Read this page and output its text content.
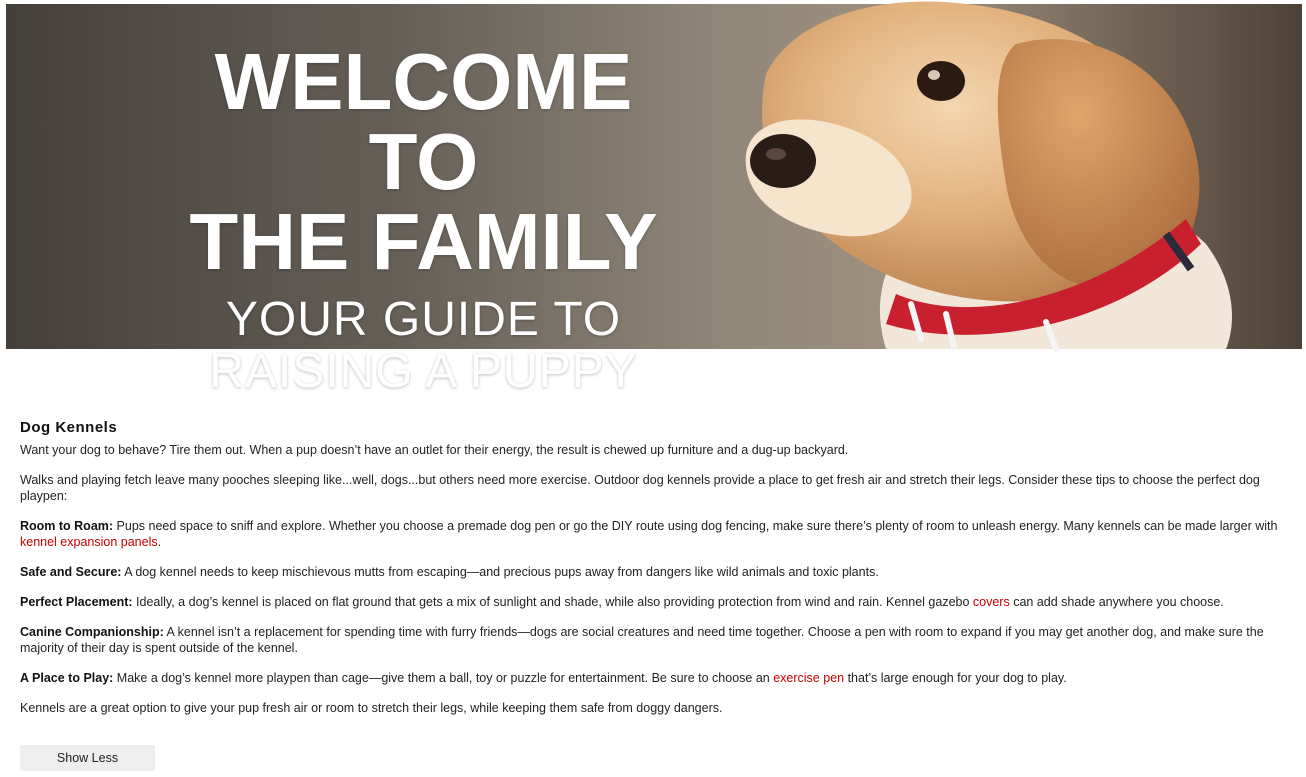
WELCOME TO
THE FAMILY
YOUR GUIDE TO
RAISING A PUPPY
Dog Kennels

Want your dog to behave? Tire them out. When a pup doesn’t have an outlet for their energy, the result is chewed up furniture and a dug-up backyard.

Walks and playing fetch leave many pooches sleeping like...well, dogs...but others need more exercise. Outdoor dog kennels provide a place to get fresh air and stretch their legs. Consider these tips to choose the perfect dog playpen:

Room to Roam: Pups need space to sniff and explore. Whether you choose a premade dog pen or go the DIY route using dog fencing, make sure there’s plenty of room to unleash energy. Many kennels can be made larger with kennel expansion panels.

Safe and Secure: A dog kennel needs to keep mischievous mutts from escaping—and precious pups away from dangers like wild animals and toxic plants.

Perfect Placement: Ideally, a dog’s kennel is placed on flat ground that gets a mix of sunlight and shade, while also providing protection from wind and rain. Kennel gazebo covers can add shade anywhere you choose.

Canine Companionship: A kennel isn’t a replacement for spending time with furry friends—dogs are social creatures and need time together. Choose a pen with room to expand if you may get another dog, and make sure the majority of their day is spent outside of the kennel.

A Place to Play: Make a dog’s kennel more playpen than cage—give them a ball, toy or puzzle for entertainment. Be sure to choose an exercise pen that’s large enough for your dog to play.

Kennels are a great option to give your pup fresh air or room to stretch their legs, while keeping them safe from doggy dangers.

Show Less
